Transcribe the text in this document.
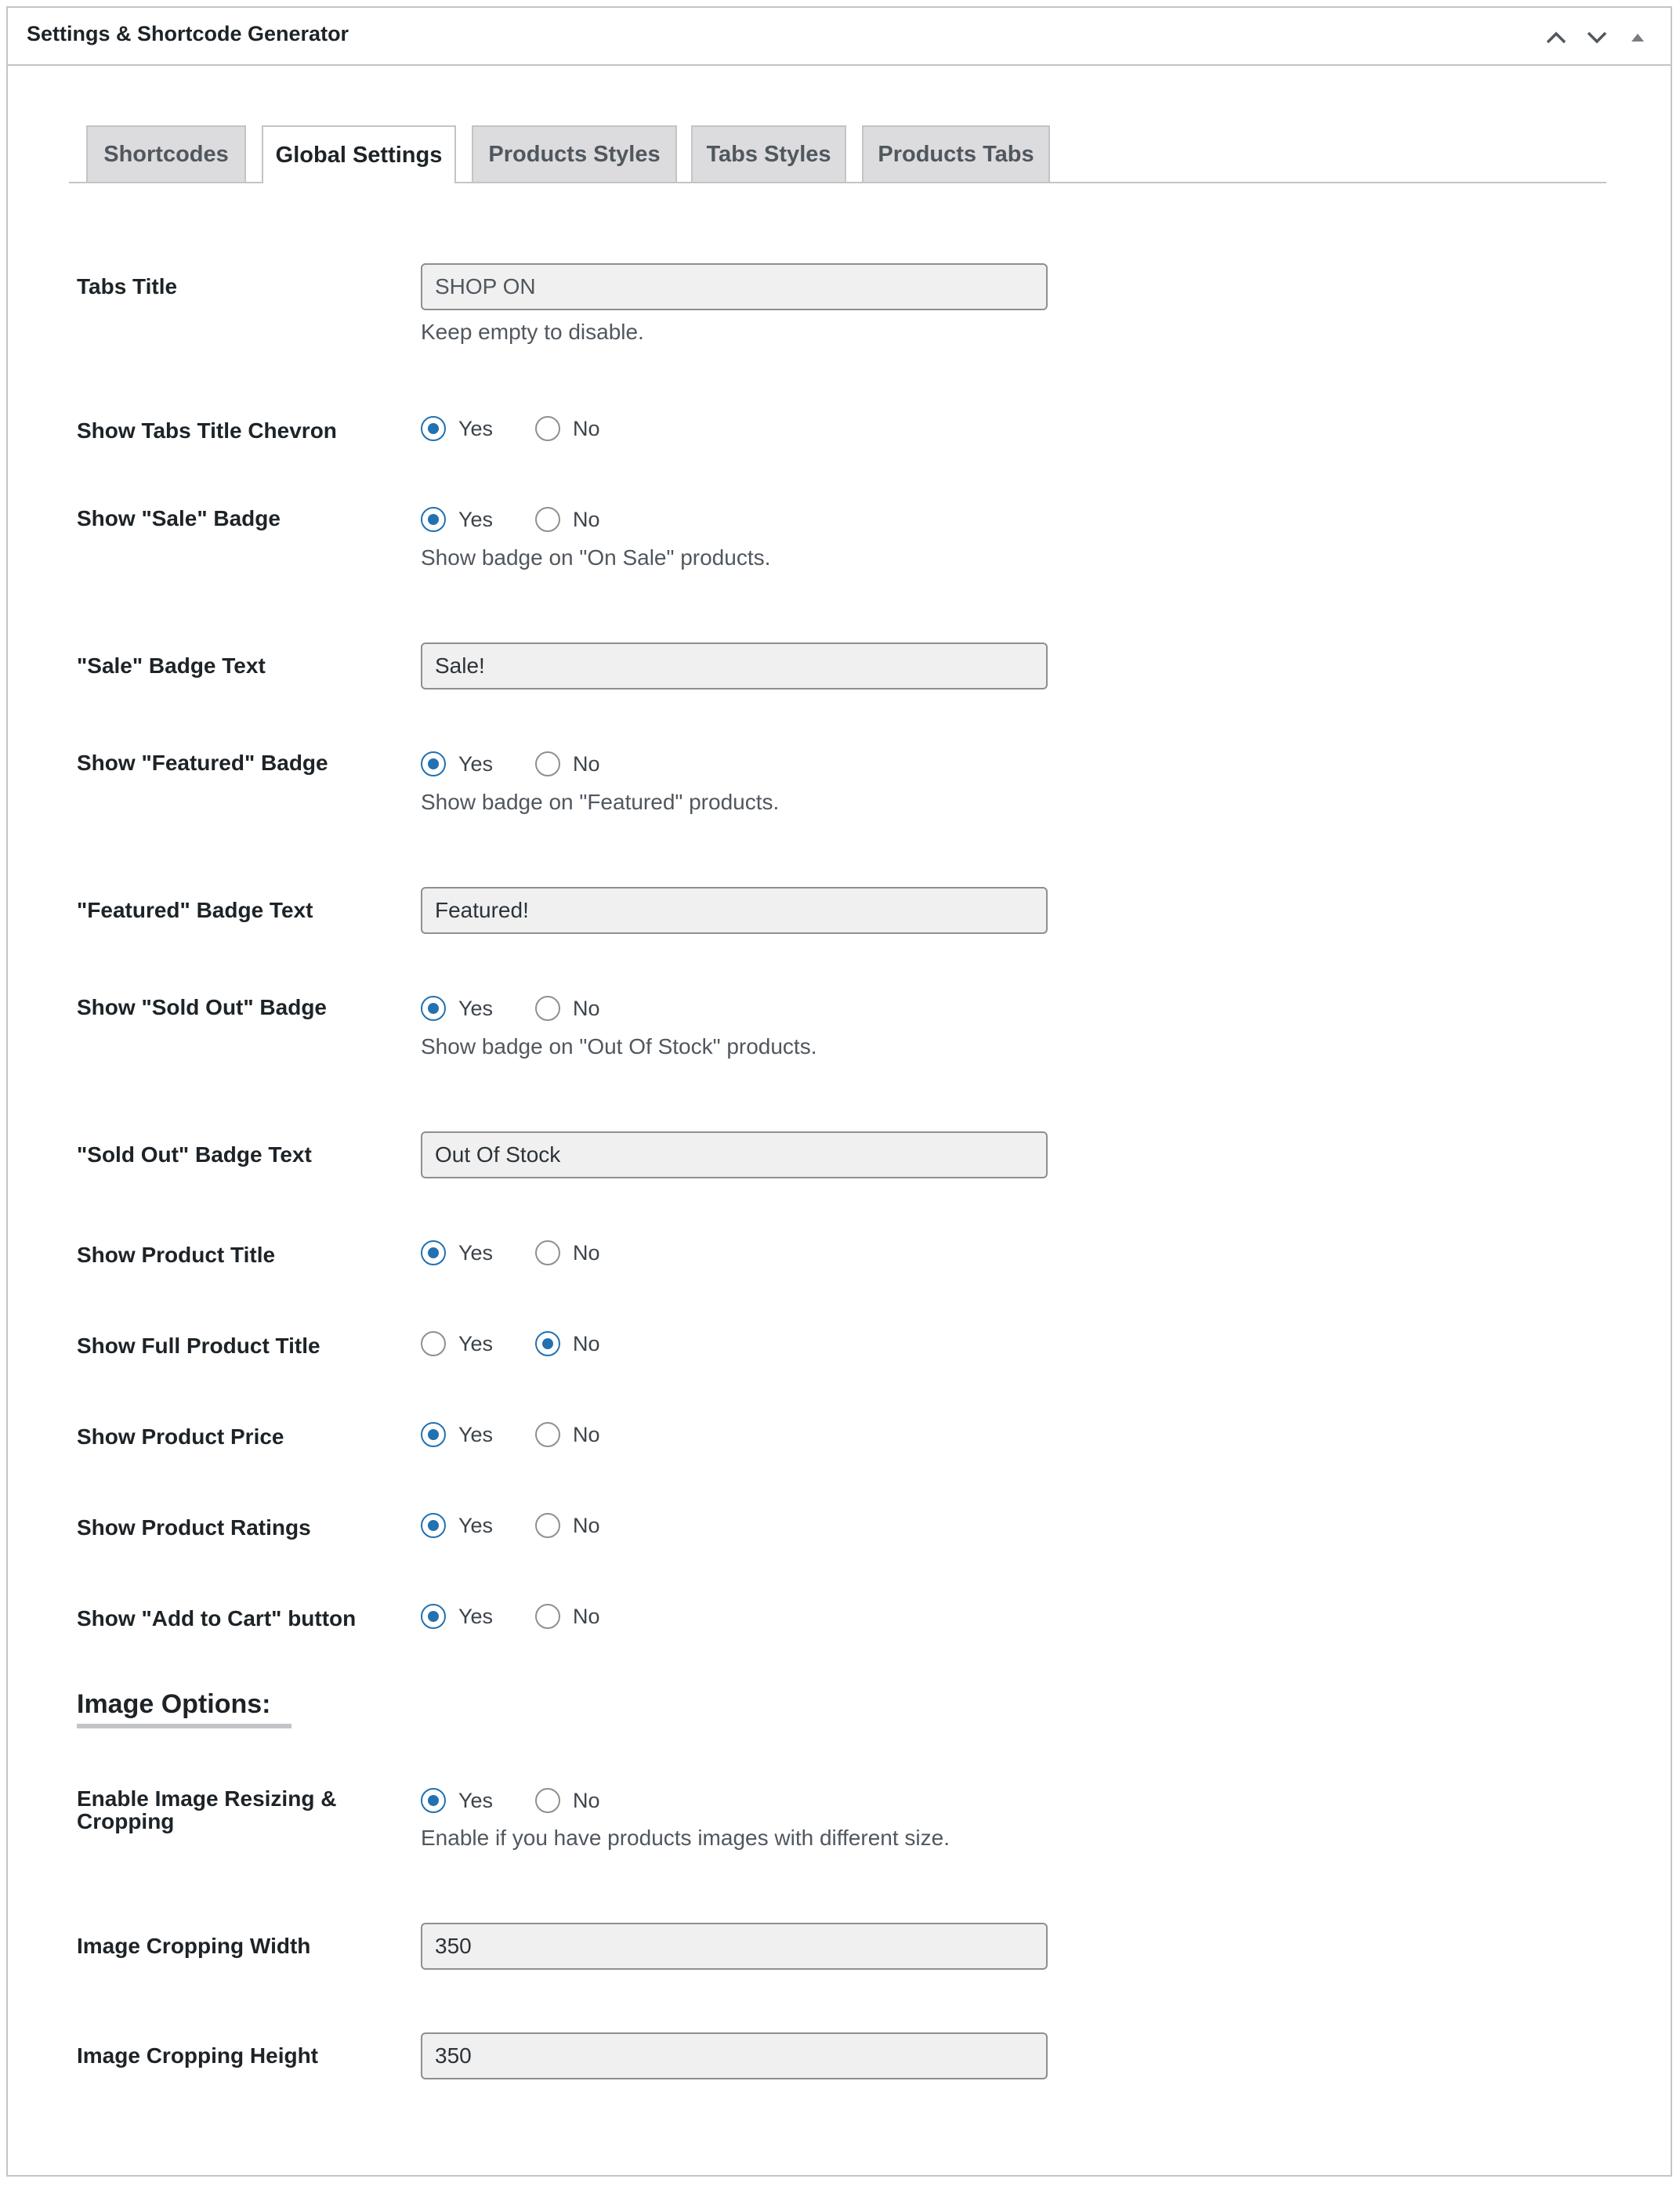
Settings & Shortcode Generator
Shortcodes	Global Settings	Products Styles	Tabs Styles	Products Tabs
Tabs Title
SHOP ON
Keep empty to disable.
Show Tabs Title Chevron	Yes	No
Show "Sale" Badge	Yes	No
Show badge on "On Sale" products.
"Sale" Badge Text
Sale!
Show "Featured" Badge	Yes	No
Show badge on "Featured" products.
"Featured" Badge Text
Featured!
Show "Sold Out" Badge	Yes	No
Show badge on "Out Of Stock" products.
"Sold Out" Badge Text
Out Of Stock
Show Product Title	Yes	No
Show Full Product Title	Yes	No
Show Product Price	Yes	No
Show Product Ratings	Yes	No
Show "Add to Cart" button	Yes	No
Image Options:
Enable Image Resizing &
Cropping
Yes	No
Enable if you have products images with different size.
Image Cropping Width
350
Image Cropping Height
350
